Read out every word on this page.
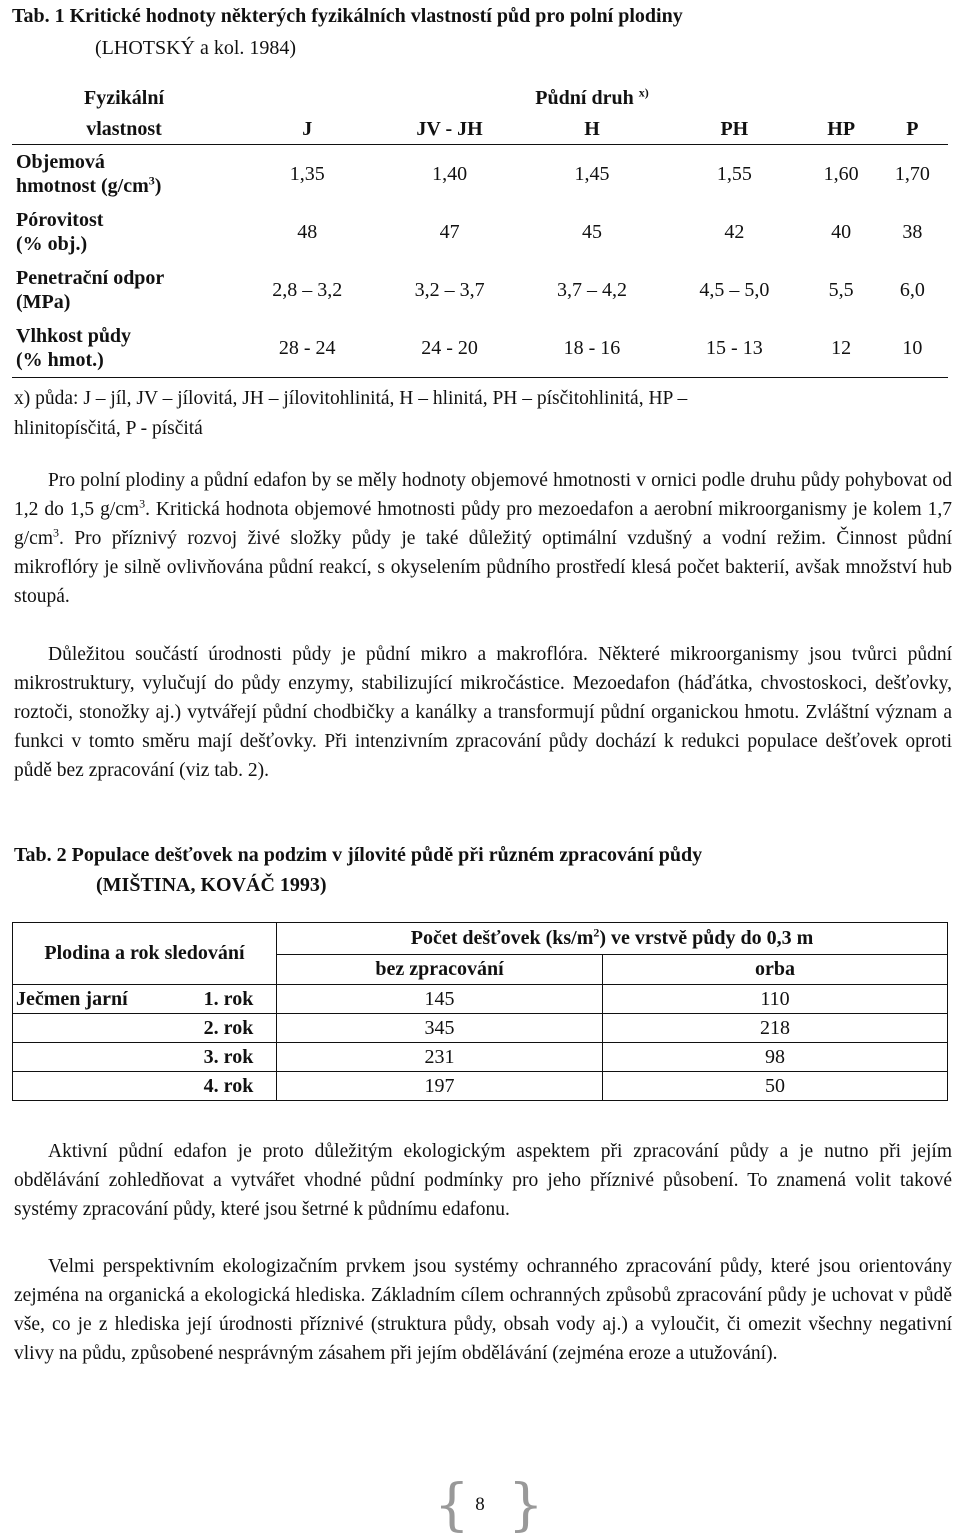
Tab. 1 Kritické hodnoty některých fyzikálních vlastností půd pro polní plodiny
(LHOTSKÝ a kol. 1984)
Fyzikální	Půdní druh $^{x)}$
vlastnost	J	JV - JH	H	PH	HP	P
Objemová
hmotnost $(g/cm^3)$	1,35	1,40	1,45	1,55	1,60	1,70
Pórovitost
(% obj.)	48	47	45	42	40	38
Penetrační odpor
(MPa)	2,8 – 3,2	3,2 – 3,7	3,7 – 4,2	4,5 – 5,0	5,5	6,0
Vlhkost půdy
(% hmot.)	28 - 24	24 - 20	18 - 16	15 - 13	12	10
x) půda: J – jíl, JV – jílovitá, JH – jílovitohlinitá, H – hlinitá, PH – písčitohlinitá, HP –
hlinitopísčitá, P - písčitá
Pro polní plodiny a půdní edafon by se měly hodnoty objemové hmotnosti v ornici podle druhu půdy pohybovat od 1,2 do 1,5 $g/cm^3$. Kritická hodnota objemové hmotnosti půdy pro mezoedafon a aerobní mikroorganismy je kolem 1,7 $g/cm^3$. Pro příznivý rozvoj živé složky půdy je také důležitý optimální vzdušný a vodní režim. Činnost půdní mikroflóry je silně ovlivňována půdní reakcí, s okyselením půdního prostředí klesá počet bakterií, avšak množství hub stoupá.
Důležitou součástí úrodnosti půdy je půdní mikro a makroflóra. Některé mikroorganismy jsou tvůrci půdní mikrostruktury, vylučují do půdy enzymy, stabilizující mikročástice. Mezoedafon (háďátka, chvostoskoci, dešťovky, roztoči, stonožky aj.) vytvářejí půdní chodbičky a kanálky a transformují půdní organickou hmotu. Zvláštní význam a funkci v tomto směru mají dešťovky. Při intenzivním zpracování půdy dochází k redukci populace dešťovek oproti půdě bez zpracování (viz tab. 2).
Tab. 2 Populace dešťovek na podzim v jílovité půdě při různém zpracování půdy
(MIŠTINA, KOVÁČ 1993)
Plodina a rok sledování		Počet dešťovek $(ks/m^2)$ ve vrstvě půdy do 0,3 m	
		bez zpracování	orba
Ječmen jarní	1. rok	145	110
	2. rok	345	218
	3. rok	231	98
	4. rok	197	50
Aktivní půdní edafon je proto důležitým ekologickým aspektem při zpracování půdy a je nutno při jejím obdělávání zohledňovat a vytvářet vhodné půdní podmínky pro jeho příznivé působení. To znamená volit takové systémy zpracování půdy, které jsou šetrné k půdnímu edafonu.
Velmi perspektivním ekologizačním prvkem jsou systémy ochranného zpracování půdy, které jsou orientovány zejména na organická a ekologická hlediska. Základním cílem ochranných způsobů zpracování půdy je uchovat v půdě vše, co je z hlediska její úrodnosti příznivé (struktura půdy, obsah vody aj.) a vyloučit, či omezit všechny negativní vlivy na půdu, způsobené nesprávným zásahem při jejím obdělávání (zejména eroze a utužování).
{ }
8
